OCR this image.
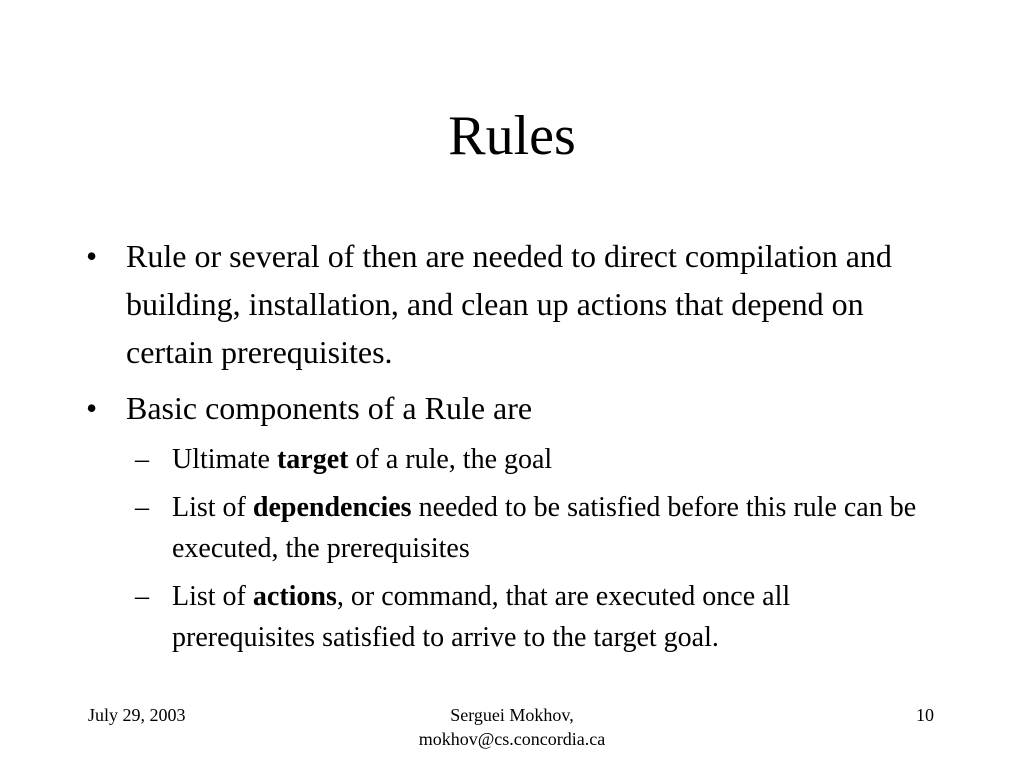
Rules

• Rule or several of then are needed to direct compilation and building, installation, and clean up actions that depend on certain prerequisites.

• Basic components of a Rule are

– Ultimate target of a rule, the goal

– List of dependencies needed to be satisfied before this rule can be executed, the prerequisites

– List of actions, or command, that are executed once all prerequisites satisfied to arrive to the target goal.

July 29, 2003	Serguei Mokhov,
mokhov@cs.concordia.ca
10
